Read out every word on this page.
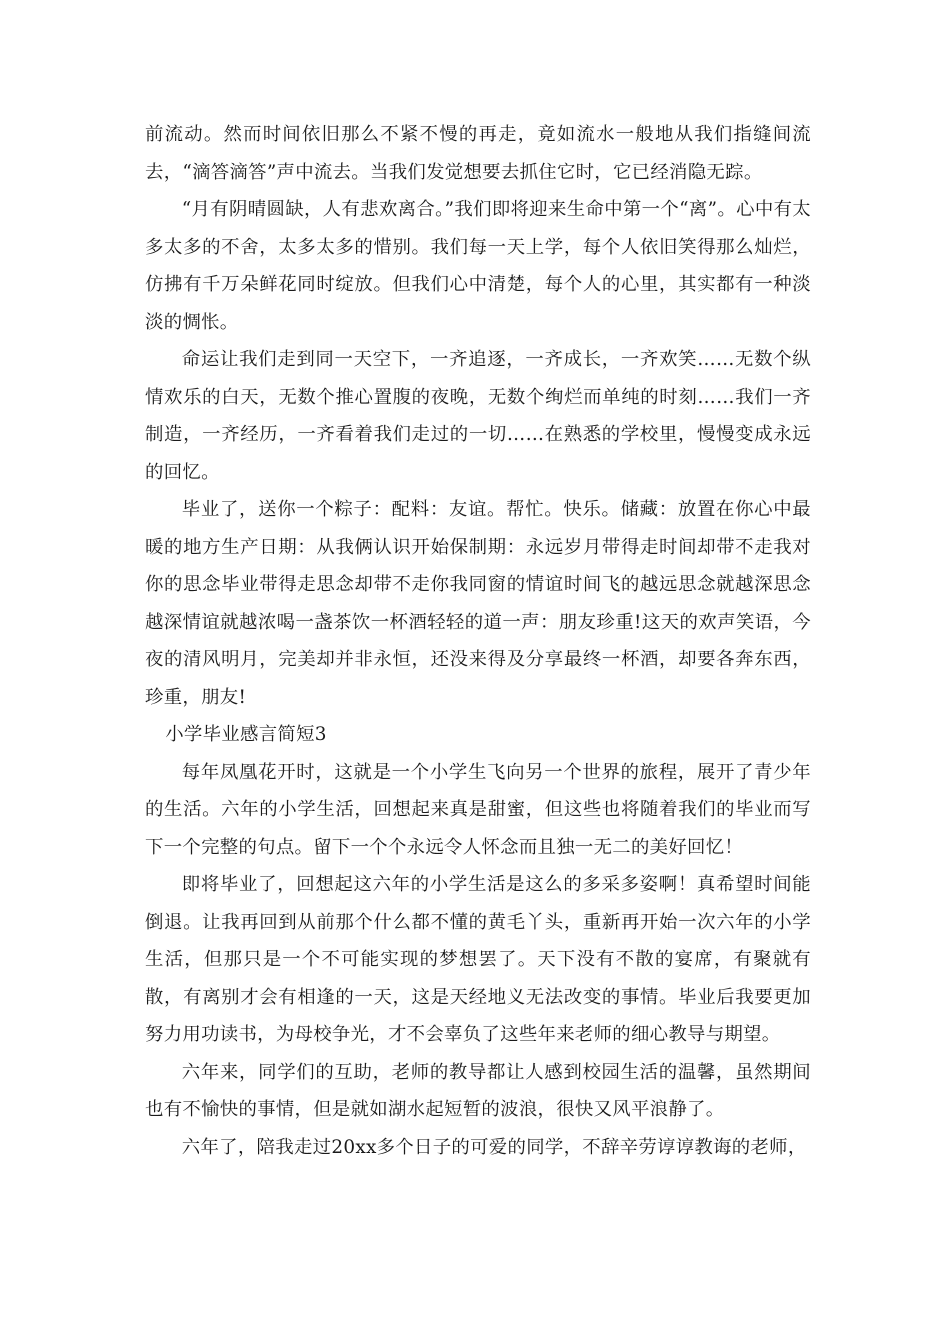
前流动。然而时间依旧那么不紧不慢的再走，竟如流水一般地从我们指缝间流去，“滴答滴答”声中流去。当我们发觉想要去抓住它时，它已经消隐无踪。

“月有阴晴圆缺，人有悲欢离合。”我们即将迎来生命中第一个“离”。心中有太多太多的不舍，太多太多的惜别。我们每一天上学，每个人依旧笑得那么灿烂，仿拂有千万朵鲜花同时绽放。但我们心中清楚，每个人的心里，其实都有一种淡淡的惆怅。

命运让我们走到同一天空下，一齐追逐，一齐成长，一齐欢笑……无数个纵情欢乐的白天，无数个推心置腹的夜晚，无数个绚烂而单纯的时刻……我们一齐制造，一齐经历，一齐看着我们走过的一切……在熟悉的学校里，慢慢变成永远的回忆。

毕业了，送你一个粽子：配料：友谊。帮忙。快乐。储藏：放置在你心中最暖的地方生产日期：从我俩认识开始保制期：永远岁月带得走时间却带不走我对你的思念毕业带得走思念却带不走你我同窗的情谊时间飞的越远思念就越深思念越深情谊就越浓喝一盏茶饮一杯酒轻轻的道一声：朋友珍重!这天的欢声笑语，今夜的清风明月，完美却并非永恒，还没来得及分享最终一杯酒，却要各奔东西，珍重，朋友!

小学毕业感言简短3

每年凤凰花开时，这就是一个小学生飞向另一个世界的旅程，展开了青少年的生活。六年的小学生活，回想起来真是甜蜜，但这些也将随着我们的毕业而写下一个完整的句点。留下一个个永远令人怀念而且独一无二的美好回忆！

即将毕业了，回想起这六年的小学生活是这么的多采多姿啊！真希望时间能倒退。让我再回到从前那个什么都不懂的黄毛丫头，重新再开始一次六年的小学生活，但那只是一个不可能实现的梦想罢了。天下没有不散的宴席，有聚就有散，有离别才会有相逢的一天，这是天经地义无法改变的事情。毕业后我要更加努力用功读书，为母校争光，才不会辜负了这些年来老师的细心教导与期望。

六年来，同学们的互助，老师的教导都让人感到校园生活的温馨，虽然期间也有不愉快的事情，但是就如湖水起短暂的波浪，很快又风平浪静了。

六年了，陪我走过20xx多个日子的可爱的同学，不辞辛劳谆谆教诲的老师，
